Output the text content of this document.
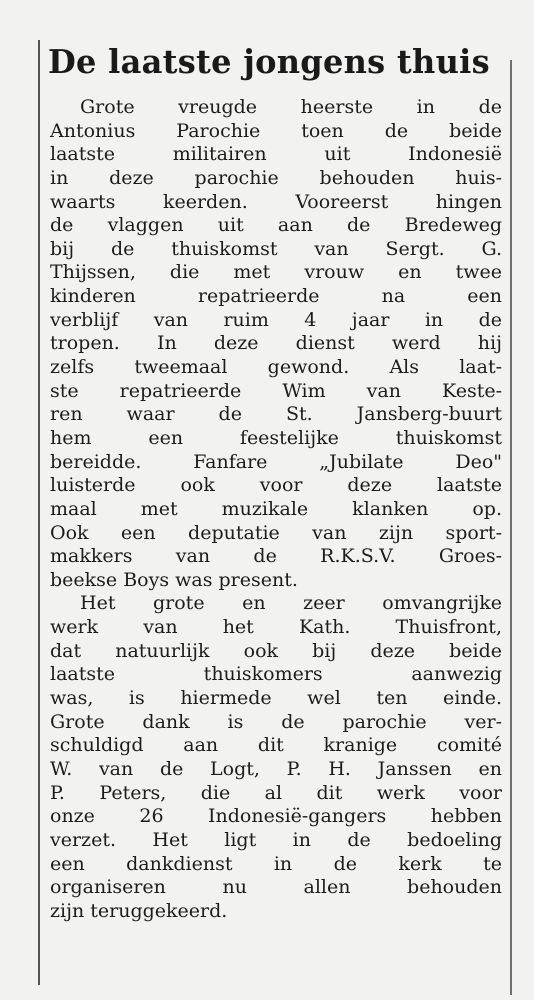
De laatste jongens thuis
Grote vreugde heerste in de
Antonius Parochie toen de beide
laatste militairen uit Indonesië
in deze parochie behouden huis-
waarts keerden. Vooreerst hingen
de vlaggen uit aan de Bredeweg
bij de thuiskomst van Sergt. G.
Thijssen, die met vrouw en twee
kinderen repatrieerde na een
verblijf van ruim 4 jaar in de
tropen. In deze dienst werd hij
zelfs tweemaal gewond. Als laat-
ste repatrieerde Wim van Keste-
ren waar de St. Jansberg-buurt
hem een feestelijke thuiskomst
bereidde. Fanfare „Jubilate Deo"
luisterde ook voor deze laatste
maal met muzikale klanken op.
Ook een deputatie van zijn sport-
makkers van de R.K.S.V. Groes-
beekse Boys was present.
Het grote en zeer omvangrijke
werk van het Kath. Thuisfront,
dat natuurlijk ook bij deze beide
laatste thuiskomers aanwezig
was, is hiermede wel ten einde.
Grote dank is de parochie ver-
schuldigd aan dit kranige comité
W. van de Logt, P. H. Janssen en
P. Peters, die al dit werk voor
onze 26 Indonesië-gangers hebben
verzet. Het ligt in de bedoeling
een dankdienst in de kerk te
organiseren nu allen behouden
zijn teruggekeerd.
